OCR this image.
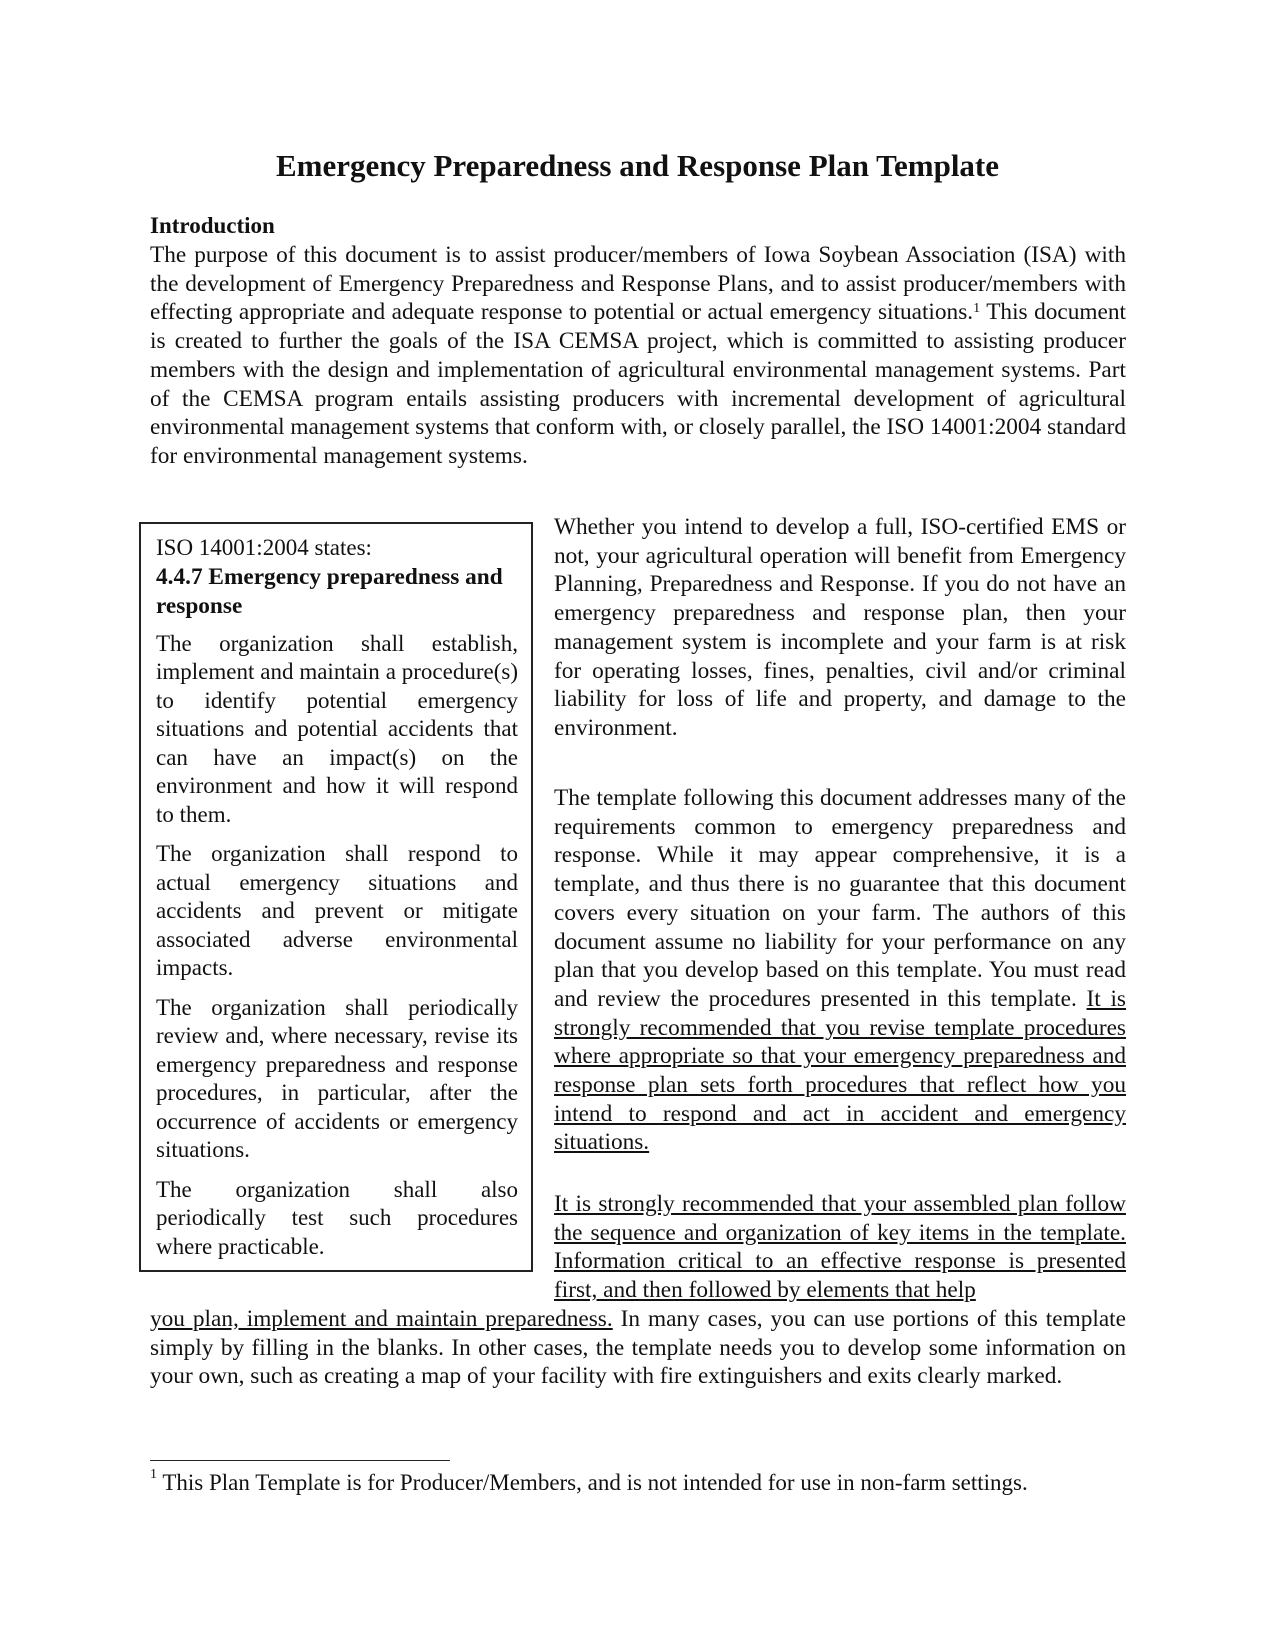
Emergency Preparedness and Response Plan Template
Introduction

The purpose of this document is to assist producer/members of Iowa Soybean Association (ISA) with the development of Emergency Preparedness and Response Plans, and to assist producer/members with effecting appropriate and adequate response to potential or actual emergency situations.$^1$ This document is created to further the goals of the ISA CEMSA project, which is committed to assisting producer members with the design and implementation of agricultural environmental management systems. Part of the CEMSA program entails assisting producers with incremental development of agricultural environmental management systems that conform with, or closely parallel, the ISO 14001:2004 standard for environmental management systems.

ISO 14001:2004 states:

4.4.7 Emergency preparedness and response

The organization shall establish, implement and maintain a procedure(s) to identify potential emergency situations and potential accidents that can have an impact(s) on the environment and how it will respond to them.

The organization shall respond to actual emergency situations and accidents and prevent or mitigate associated adverse environmental impacts.

The organization shall periodically review and, where necessary, revise its emergency preparedness and response procedures, in particular, after the occurrence of accidents or emergency situations.

The organization shall also periodically test such procedures where practicable.

Whether you intend to develop a full, ISO-certified EMS or not, your agricultural operation will benefit from Emergency Planning, Preparedness and Response. If you do not have an emergency preparedness and response plan, then your management system is incomplete and your farm is at risk for operating losses, fines, penalties, civil and/or criminal liability for loss of life and property, and damage to the environment.

The template following this document addresses many of the requirements common to emergency preparedness and response. While it may appear comprehensive, it is a template, and thus there is no guarantee that this document covers every situation on your farm. The authors of this document assume no liability for your performance on any plan that you develop based on this template. You must read and review the procedures presented in this template. It is strongly recommended that you revise template procedures where appropriate so that your emergency preparedness and response plan sets forth procedures that reflect how you intend to respond and act in accident and emergency situations.

It is strongly recommended that your assembled plan follow the sequence and organization of key items in the template. Information critical to an effective response is presented first, and then followed by elements that help

you plan, implement and maintain preparedness. In many cases, you can use portions of this template simply by filling in the blanks. In other cases, the template needs you to develop some information on your own, such as creating a map of your facility with fire extinguishers and exits clearly marked.

$^1$ This Plan Template is for Producer/Members, and is not intended for use in non-farm settings.
